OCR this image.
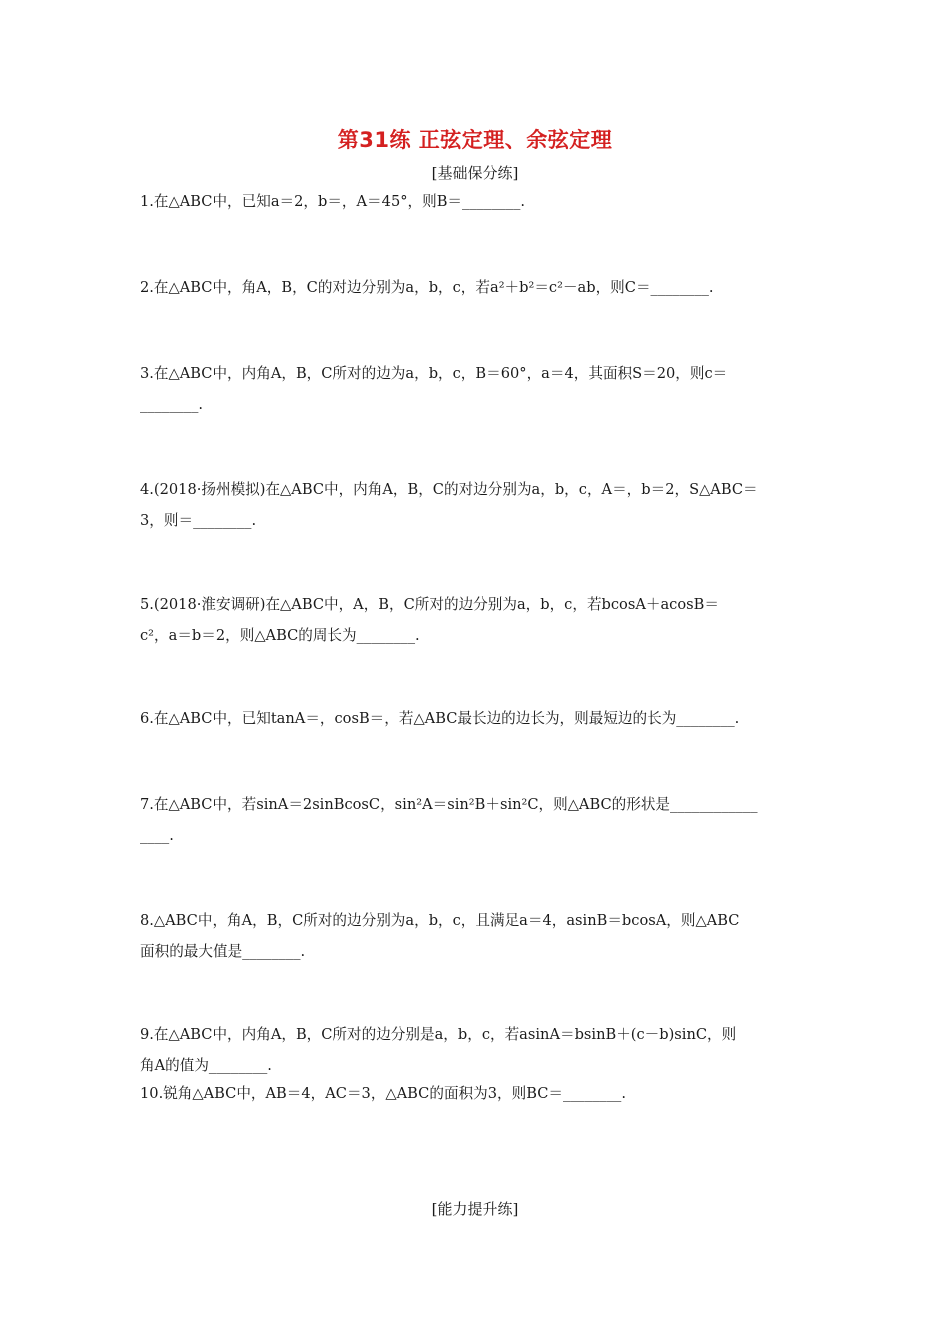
第31练 正弦定理、余弦定理
[基础保分练]
1.在△ABC中，已知a＝2，b＝，A＝45°，则B＝________.
2.在△ABC中，角A，B，C的对边分别为a，b，c，若a²＋b²＝c²－ab，则C＝________.
3.在△ABC中，内角A，B，C所对的边为a，b，c，B＝60°，a＝4，其面积S＝20，则c＝
________.
4.(2018·扬州模拟)在△ABC中，内角A，B，C的对边分别为a，b，c，A＝，b＝2，S△ABC＝
3，则＝________.
5.(2018·淮安调研)在△ABC中，A，B，C所对的边分别为a，b，c，若bcosA＋acosB＝
c²，a＝b＝2，则△ABC的周长为________.
6.在△ABC中，已知tanA＝，cosB＝，若△ABC最长边的边长为，则最短边的长为________.
7.在△ABC中，若sinA＝2sinBcosC，sin²A＝sin²B＋sin²C，则△ABC的形状是____________
____.
8.△ABC中，角A，B，C所对的边分别为a，b，c，且满足a＝4，asinB＝bcosA，则△ABC
面积的最大值是________.
9.在△ABC中，内角A，B，C所对的边分别是a，b，c，若asinA＝bsinB＋(c－b)sinC，则
角A的值为________.
10.锐角△ABC中，AB＝4，AC＝3，△ABC的面积为3，则BC＝________.
[能力提升练]
